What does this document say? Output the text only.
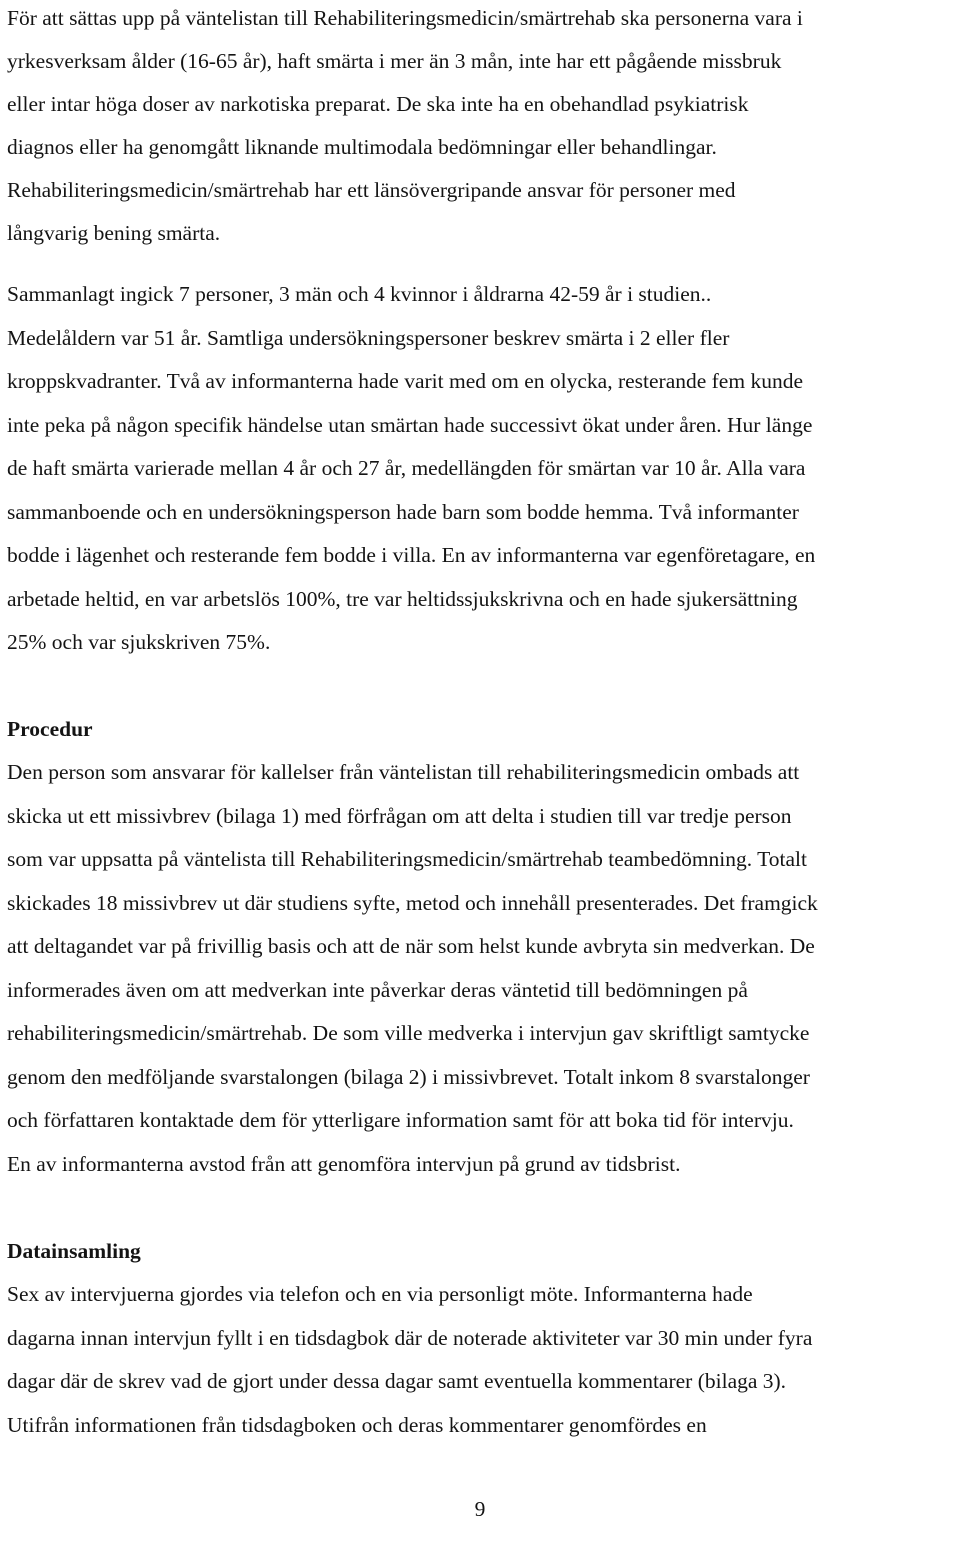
För att sättas upp på väntelistan till Rehabiliteringsmedicin/smärtrehab ska personerna vara i
yrkesverksam ålder (16-65 år), haft smärta i mer än 3 mån, inte har ett pågående missbruk
eller intar höga doser av narkotiska preparat. De ska inte ha en obehandlad psykiatrisk
diagnos eller ha genomgått liknande multimodala bedömningar eller behandlingar.
Rehabiliteringsmedicin/smärtrehab har ett länsövergripande ansvar för personer med
långvarig bening smärta.
Sammanlagt ingick 7 personer, 3 män och 4 kvinnor i åldrarna 42-59 år i studien..
Medelåldern var 51 år. Samtliga undersökningspersoner beskrev smärta i 2 eller fler
kroppskvadranter. Två av informanterna hade varit med om en olycka, resterande fem kunde
inte peka på någon specifik händelse utan smärtan hade successivt ökat under åren. Hur länge
de haft smärta varierade mellan 4 år och 27 år, medellängden för smärtan var 10 år. Alla vara
sammanboende och en undersökningsperson hade barn som bodde hemma. Två informanter
bodde i lägenhet och resterande fem bodde i villa. En av informanterna var egenföretagare, en
arbetade heltid, en var arbetslös 100%, tre var heltidssjukskrivna och en hade sjukersättning
25% och var sjukskriven 75%.
Procedur
Den person som ansvarar för kallelser från väntelistan till rehabiliteringsmedicin ombads att
skicka ut ett missivbrev (bilaga 1) med förfrågan om att delta i studien till var tredje person
som var uppsatta på väntelista till Rehabiliteringsmedicin/smärtrehab teambedömning. Totalt
skickades 18 missivbrev ut där studiens syfte, metod och innehåll presenterades. Det framgick
att deltagandet var på frivillig basis och att de när som helst kunde avbryta sin medverkan. De
informerades även om att medverkan inte påverkar deras väntetid till bedömningen på
rehabiliteringsmedicin/smärtrehab. De som ville medverka i intervjun gav skriftligt samtycke
genom den medföljande svarstalongen (bilaga 2) i missivbrevet. Totalt inkom 8 svarstalonger
och författaren kontaktade dem för ytterligare information samt för att boka tid för intervju.
En av informanterna avstod från att genomföra intervjun på grund av tidsbrist.
Datainsamling
Sex av intervjuerna gjordes via telefon och en via personligt möte. Informanterna hade
dagarna innan intervjun fyllt i en tidsdagbok där de noterade aktiviteter var 30 min under fyra
dagar där de skrev vad de gjort under dessa dagar samt eventuella kommentarer (bilaga 3).
Utifrån informationen från tidsdagboken och deras kommentarer genomfördes en
9
